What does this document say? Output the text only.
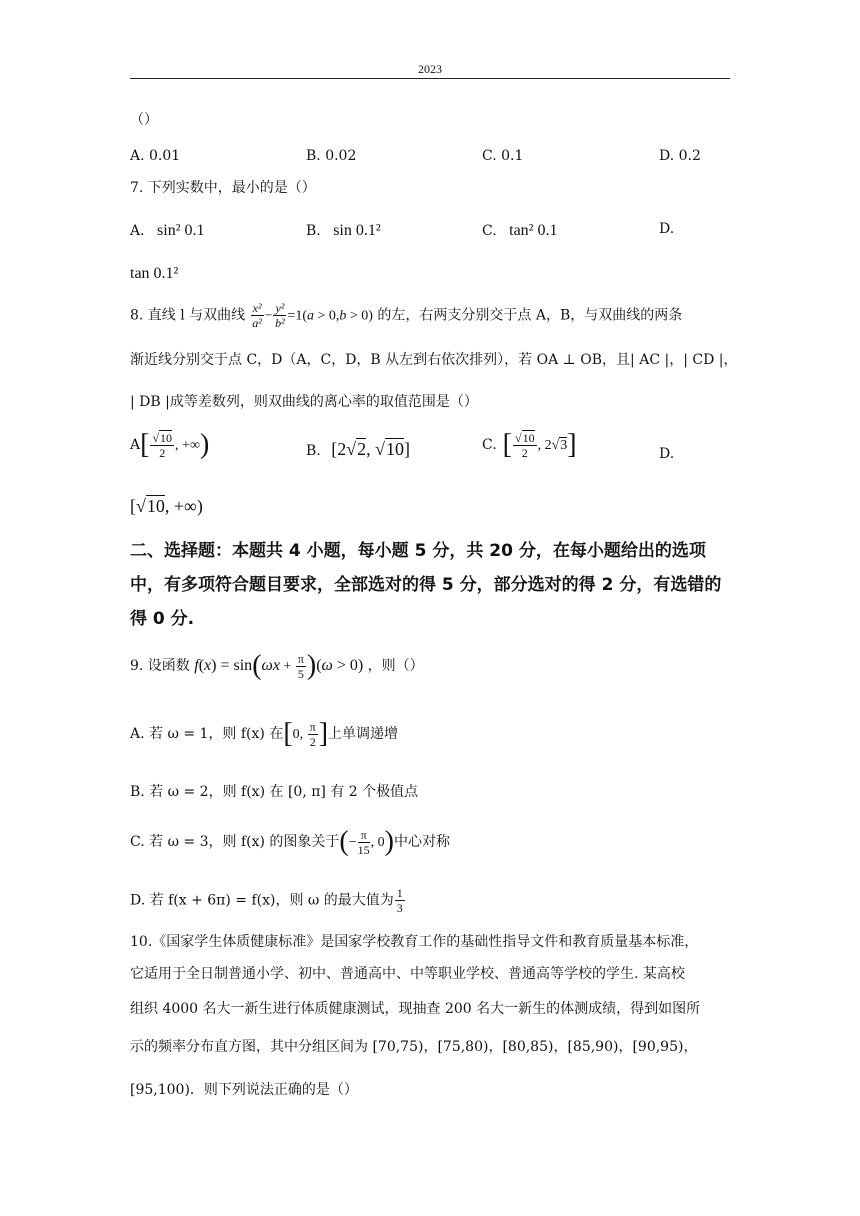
2023
（）
A. 0.01	B. 0.02	C. 0.1	D. 0.2
7. 下列实数中，最小的是（）
A. sin² 0.1	B. sin 0.1²	C. tan² 0.1	D.
tan 0.1²
8. 直线 l 与双曲线 $\frac{\text{x²}}{\text{a²}} - \frac{\text{y²}}{\text{b²}} =1(a > 0,b > 0)$ 的左，右两支分别交于点 A，B，与双曲线的两条
渐近线分别交于点 C，D（A，C，D，B 从左到右依次排列），若 OA ⊥ OB，且| AC |，| CD |，
| DB |成等差数列，则双曲线的离心率的取值范围是（）
$A[ \frac{√10}{2}$ , +∞)	B. [2√2, √10]	C. [ $\frac{√10}{2}$ , 2√3]	D.
[√10, +∞)
二、选择题：本题共 4 小题，每小题 5 分，共 20 分，在每小题给出的选项中，有多项符合题目要求，全部选对的得 5 分，部分选对的得 2 分，有选错的得 0 分.
9. 设函数 $f(x) = \sin(\omega x + \frac{\pi}{5} )(\omega > 0)$ ，则（）
A. 若 ω = 1，则 f(x) 在[0, $\frac{\pi}{2}$ ]上单调递增
B. 若 ω = 2，则 f(x) 在 [0, π] 有 2 个极值点
C. 若 ω = 3，则 f(x) 的图象关于(− $\frac{\pi}{15}$ , 0)中心对称
D. 若 f(x + 6π) = f(x)，则 ω 的最大值为 $\frac{1}{3}$
10.《国家学生体质健康标准》是国家学校教育工作的基础性指导文件和教育质量基本标准，
它适用于全日制普通小学、初中、普通高中、中等职业学校、普通高等学校的学生. 某高校
组织 4000 名大一新生进行体质健康测试，现抽查 200 名大一新生的体测成绩，得到如图所
示的频率分布直方图，其中分组区间为 [70,75)，[75,80)，[80,85)，[85,90)，[90,95)，
[95,100)．则下列说法正确的是（）
